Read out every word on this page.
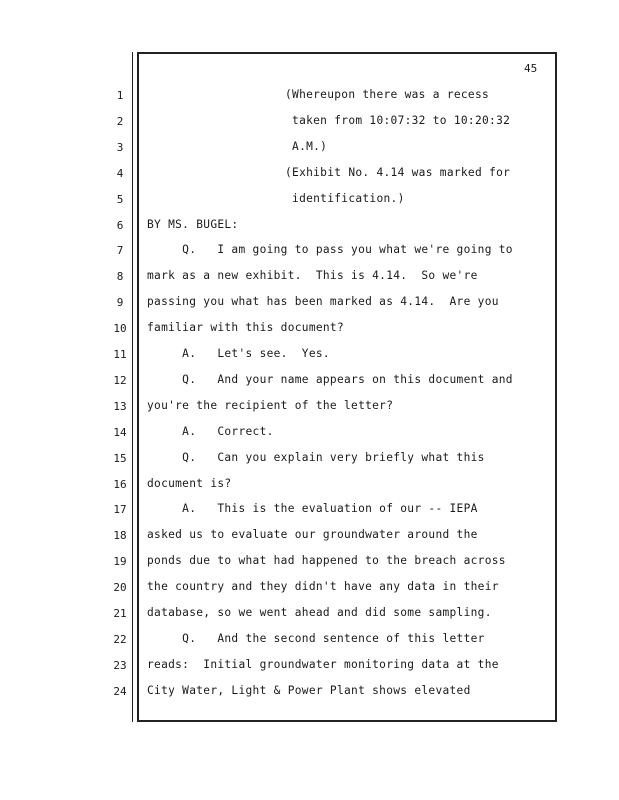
45
1	(Whereupon there was a recess
2	taken from 10:07:32 to 10:20:32
3	A.M.)
4	(Exhibit No. 4.14 was marked for
5	identification.)
6	BY MS. BUGEL:
7	Q.   I am going to pass you what we're going to
8	mark as a new exhibit.  This is 4.14.  So we're
9	passing you what has been marked as 4.14.  Are you
10	familiar with this document?
11	A.   Let's see.  Yes.
12	Q.   And your name appears on this document and
13	you're the recipient of the letter?
14	A.   Correct.
15	Q.   Can you explain very briefly what this
16	document is?
17	A.   This is the evaluation of our -- IEPA
18	asked us to evaluate our groundwater around the
19	ponds due to what had happened to the breach across
20	the country and they didn't have any data in their
21	database, so we went ahead and did some sampling.
22	Q.   And the second sentence of this letter
23	reads:  Initial groundwater monitoring data at the
24	City Water, Light & Power Plant shows elevated
